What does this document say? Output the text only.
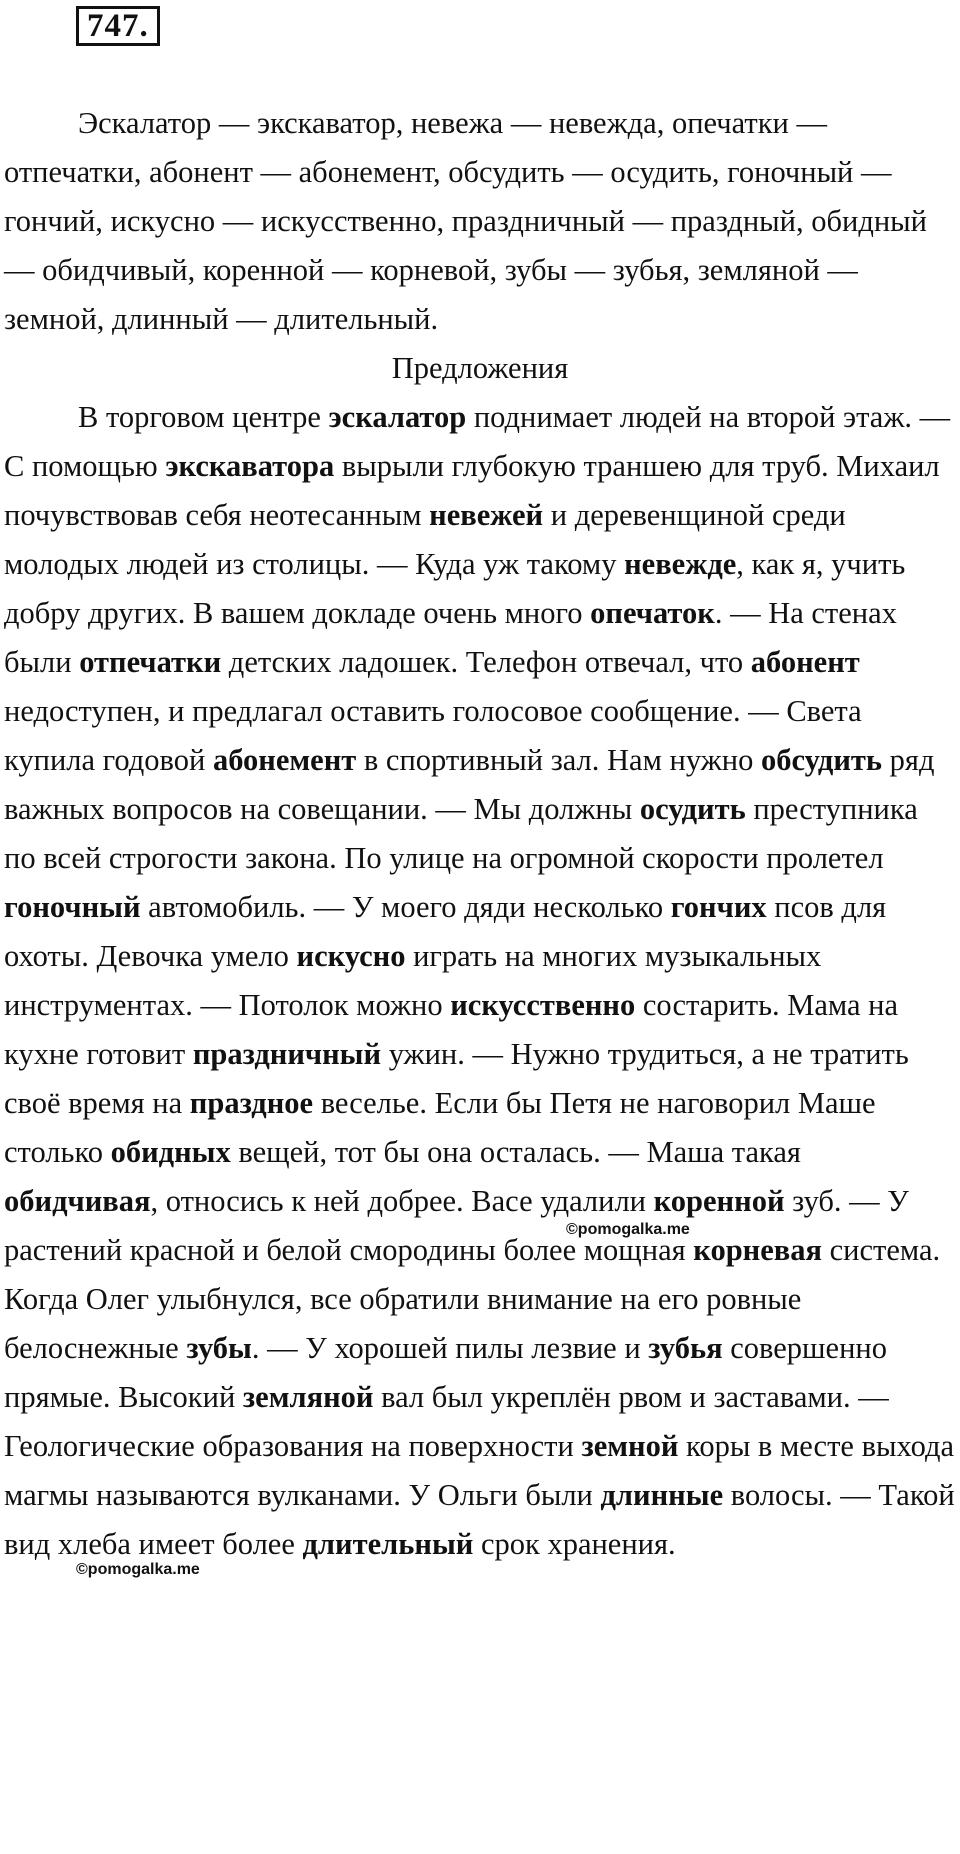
747.

Эскалатор — экскаватор, невежа — невежда, опечатки — отпечатки, абонент — абонемент, обсудить — осудить, гоночный — гончий, искусно — искусственно, праздничный — праздный, обидный — обидчивый, коренной — корневой, зубы — зубья, земляной — земной, длинный — длительный.

Предложения

В торговом центре эскалатор поднимает людей на второй этаж. — С помощью экскаватора вырыли глубокую траншею для труб. Михаил почувствовав себя неотесанным невежей и деревенщиной среди молодых людей из столицы. — Куда уж такому невежде, как я, учить добру других. В вашем докладе очень много опечаток. — На стенах были отпечатки детских ладошек. Телефон отвечал, что абонент недоступен, и предлагал оставить голосовое сообщение. — Света купила годовой абонемент в спортивный зал. Нам нужно обсудить ряд важных вопросов на совещании. — Мы должны осудить преступника по всей строгости закона. По улице на огромной скорости пролетел гоночный автомобиль. — У моего дяди несколько гончих псов для охоты. Девочка умело искусно играть на многих музыкальных инструментах. — Потолок можно искусственно состарить. Мама на кухне готовит праздничный ужин. — Нужно трудиться, а не тратить своё время на праздное веселье. Если бы Петя не наговорил Маше столько обидных вещей, тот бы она осталась. — Маша такая обидчивая, относись к ней добрее. Васе удалили коренной зуб. — У растений красной и белой смородины более мощная корневая система. Когда Олег улыбнулся, все обратили внимание на его ровные белоснежные зубы. — У хорошей пилы лезвие и зубья совершенно прямые. Высокий земляной вал был укреплён рвом и заставами. — Геологические образования на поверхности земной коры в месте выхода магмы называются вулканами. У Ольги были длинные волосы. — Такой вид хлеба имеет более длительный срок хранения.

©pomogalka.me
©pomogalka.me
